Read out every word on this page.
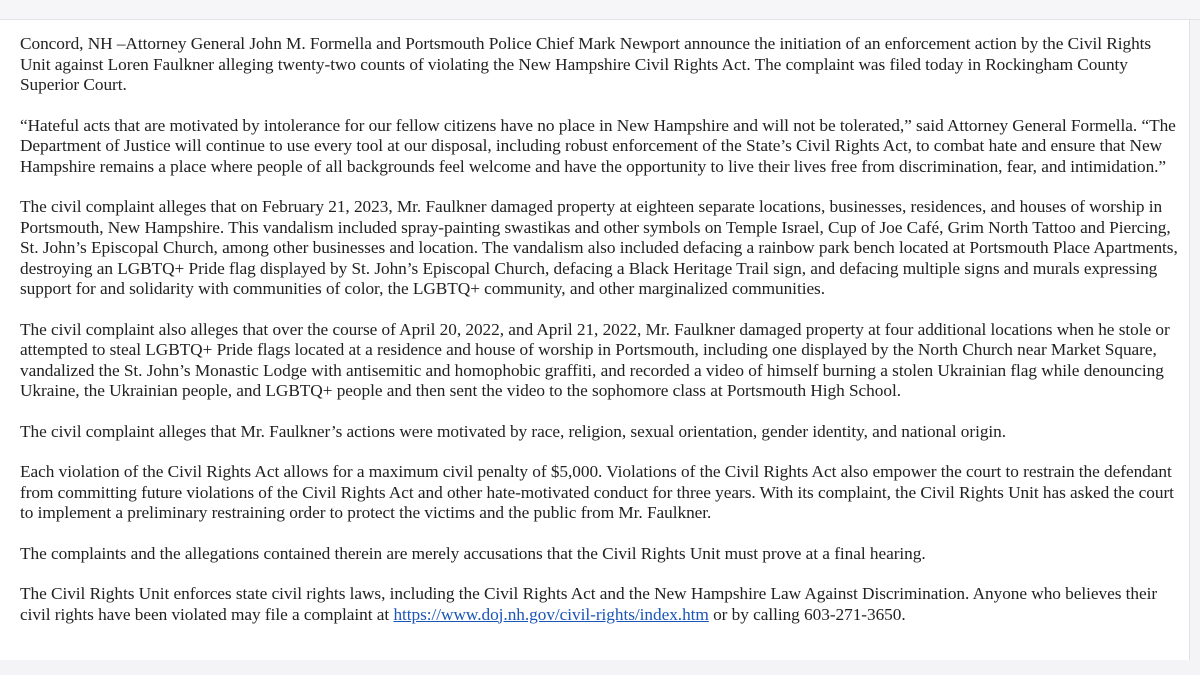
Concord, NH –Attorney General John M. Formella and Portsmouth Police Chief Mark Newport announce the initiation of an enforcement action by the Civil Rights Unit against Loren Faulkner alleging twenty-two counts of violating the New Hampshire Civil Rights Act. The complaint was filed today in Rockingham County Superior Court.

“Hateful acts that are motivated by intolerance for our fellow citizens have no place in New Hampshire and will not be tolerated,” said Attorney General Formella. “The Department of Justice will continue to use every tool at our disposal, including robust enforcement of the State’s Civil Rights Act, to combat hate and ensure that New Hampshire remains a place where people of all backgrounds feel welcome and have the opportunity to live their lives free from discrimination, fear, and intimidation.”

The civil complaint alleges that on February 21, 2023, Mr. Faulkner damaged property at eighteen separate locations, businesses, residences, and houses of worship in Portsmouth, New Hampshire. This vandalism included spray-painting swastikas and other symbols on Temple Israel, Cup of Joe Café, Grim North Tattoo and Piercing, St. John’s Episcopal Church, among other businesses and location. The vandalism also included defacing a rainbow park bench located at Portsmouth Place Apartments, destroying an LGBTQ+ Pride flag displayed by St. John’s Episcopal Church, defacing a Black Heritage Trail sign, and defacing multiple signs and murals expressing support for and solidarity with communities of color, the LGBTQ+ community, and other marginalized communities.

The civil complaint also alleges that over the course of April 20, 2022, and April 21, 2022, Mr. Faulkner damaged property at four additional locations when he stole or attempted to steal LGBTQ+ Pride flags located at a residence and house of worship in Portsmouth, including one displayed by the North Church near Market Square, vandalized the St. John’s Monastic Lodge with antisemitic and homophobic graffiti, and recorded a video of himself burning a stolen Ukrainian flag while denouncing Ukraine, the Ukrainian people, and LGBTQ+ people and then sent the video to the sophomore class at Portsmouth High School.

The civil complaint alleges that Mr. Faulkner’s actions were motivated by race, religion, sexual orientation, gender identity, and national origin.

Each violation of the Civil Rights Act allows for a maximum civil penalty of $5,000. Violations of the Civil Rights Act also empower the court to restrain the defendant from committing future violations of the Civil Rights Act and other hate-motivated conduct for three years. With its complaint, the Civil Rights Unit has asked the court to implement a preliminary restraining order to protect the victims and the public from Mr. Faulkner.

The complaints and the allegations contained therein are merely accusations that the Civil Rights Unit must prove at a final hearing.

The Civil Rights Unit enforces state civil rights laws, including the Civil Rights Act and the New Hampshire Law Against Discrimination. Anyone who believes their civil rights have been violated may file a complaint at https://www.doj.nh.gov/civil-rights/index.htm or by calling 603-271-3650.
